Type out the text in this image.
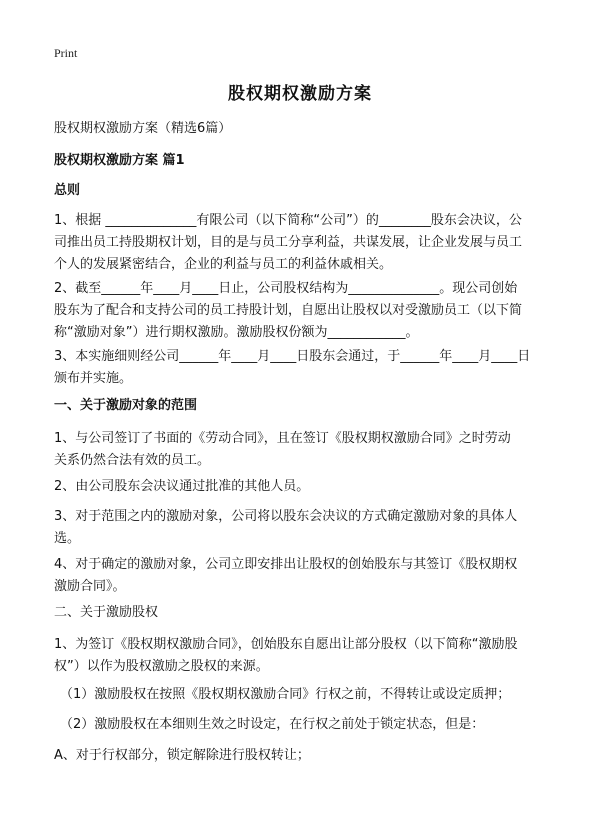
Print
股权期权激励方案
股权期权激励方案（精选6篇）
股权期权激励方案 篇1
总则
1、根据 ______________有限公司（以下简称“公司”）的________股东会决议，公
司推出员工持股期权计划，目的是与员工分享利益，共谋发展，让企业发展与员工
个人的发展紧密结合，企业的利益与员工的利益休戚相关。
2、截至______年____月____日止，公司股权结构为______________。现公司创始
股东为了配合和支持公司的员工持股计划，自愿出让股权以对受激励员工（以下简
称“激励对象”）进行期权激励。激励股权份额为____________。
3、本实施细则经公司______年____月____日股东会通过，于______年____月____日
颁布并实施。
一、关于激励对象的范围
1、与公司签订了书面的《劳动合同》，且在签订《股权期权激励合同》之时劳动
关系仍然合法有效的员工。
2、由公司股东会决议通过批准的其他人员。
3、对于范围之内的激励对象，公司将以股东会决议的方式确定激励对象的具体人
选。
4、对于确定的激励对象，公司立即安排出让股权的创始股东与其签订《股权期权
激励合同》。
二、关于激励股权
1、为签订《股权期权激励合同》，创始股东自愿出让部分股权（以下简称“激励股
权”）以作为股权激励之股权的来源。
（1）激励股权在按照《股权期权激励合同》行权之前，不得转让或设定质押；
（2）激励股权在本细则生效之时设定，在行权之前处于锁定状态，但是：
A、对于行权部分，锁定解除进行股权转让；
